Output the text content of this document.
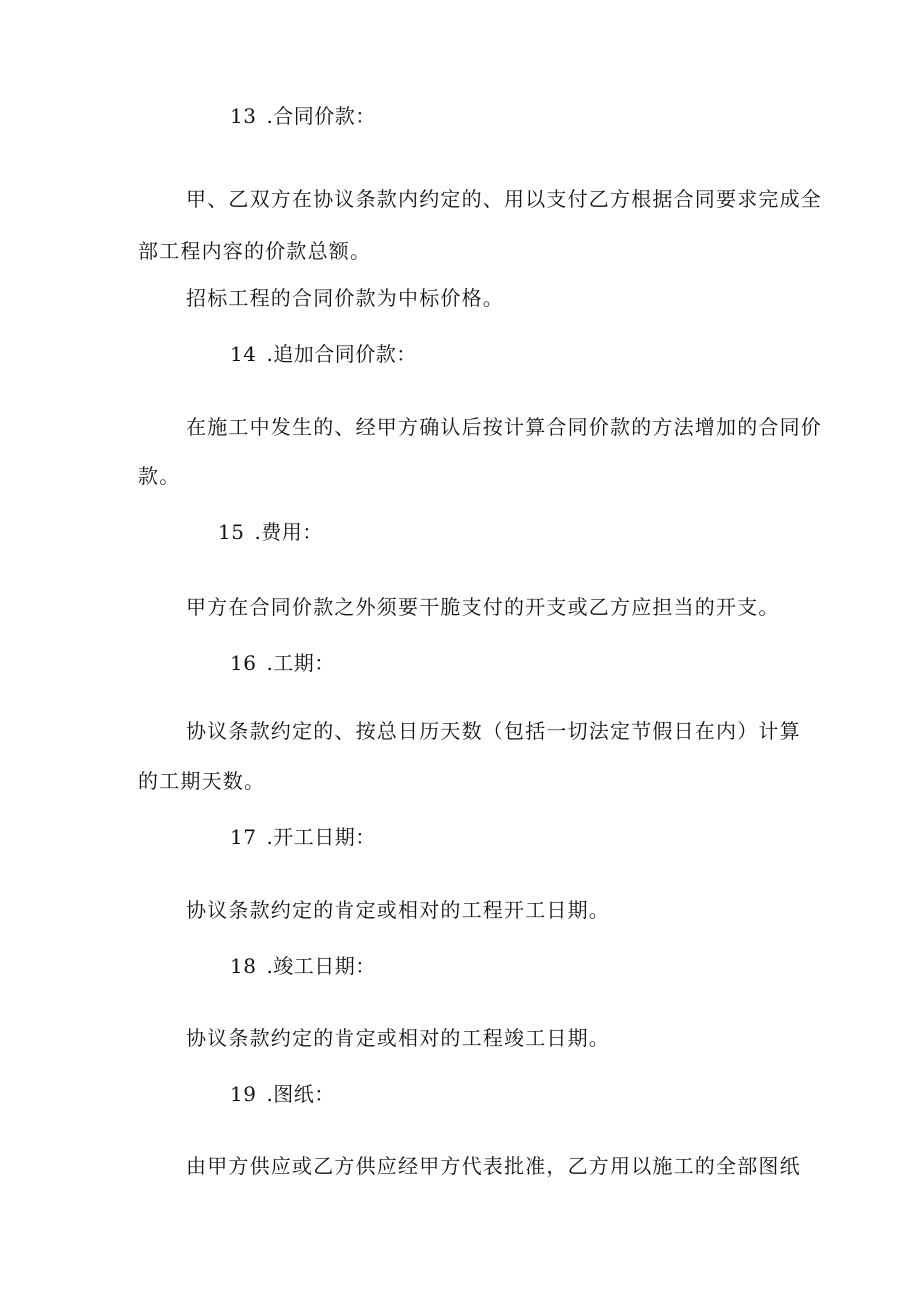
13 .合同价款：
甲、乙双方在协议条款内约定的、用以支付乙方根据合同要求完成全
部工程内容的价款总额。
招标工程的合同价款为中标价格。
14 .追加合同价款：
在施工中发生的、经甲方确认后按计算合同价款的方法增加的合同价
款。
15 .费用：
甲方在合同价款之外须要干脆支付的开支或乙方应担当的开支。
16 .工期：
协议条款约定的、按总日历天数（包括一切法定节假日在内）计算
的工期天数。
17 .开工日期：
协议条款约定的肯定或相对的工程开工日期。
18 .竣工日期：
协议条款约定的肯定或相对的工程竣工日期。
19 .图纸：
由甲方供应或乙方供应经甲方代表批准，乙方用以施工的全部图纸
